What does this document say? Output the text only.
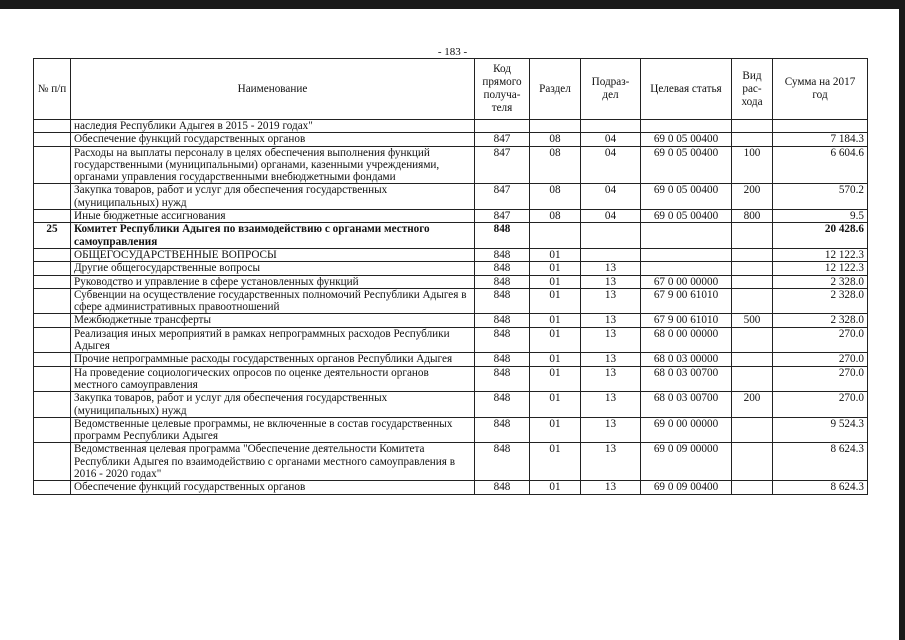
- 183 -
№ п/п	Наименование	Код прямого получа-теля	Раздел	Подраз-дел	Целевая статья	Вид рас-хода	Сумма на 2017 год
	наследия Республики Адыгея в 2015 - 2019 годах"						
	Обеспечение функций государственных органов	847	08	04	69 0 05 00400		7 184.3
	Расходы на выплаты персоналу в целях обеспечения выполнения функций государственными (муниципальными) органами, казенными учреждениями, органами управления государственными внебюджетными фондами	847	08	04	69 0 05 00400	100	6 604.6
	Закупка товаров, работ и услуг для обеспечения государственных (муниципальных) нужд	847	08	04	69 0 05 00400	200	570.2
	Иные бюджетные ассигнования	847	08	04	69 0 05 00400	800	9.5
25	Комитет Республики Адыгея по взаимодействию с органами местного самоуправления	848					20 428.6
	ОБЩЕГОСУДАРСТВЕННЫЕ ВОПРОСЫ	848	01				12 122.3
	Другие общегосударственные вопросы	848	01	13			12 122.3
	Руководство и управление в сфере установленных функций	848	01	13	67 0 00 00000		2 328.0
	Субвенции на осуществление государственных полномочий Республики Адыгея в сфере административных правоотношений	848	01	13	67 9 00 61010		2 328.0
	Межбюджетные трансферты	848	01	13	67 9 00 61010	500	2 328.0
	Реализация иных мероприятий в рамках непрограммных расходов Республики Адыгея	848	01	13	68 0 00 00000		270.0
	Прочие непрограммные расходы государственных органов Республики Адыгея	848	01	13	68 0 03 00000		270.0
	На проведение социологических опросов по оценке деятельности органов местного самоуправления	848	01	13	68 0 03 00700		270.0
	Закупка товаров, работ и услуг для обеспечения государственных (муниципальных) нужд	848	01	13	68 0 03 00700	200	270.0
	Ведомственные целевые программы, не включенные в состав государственных программ Республики Адыгея	848	01	13	69 0 00 00000		9 524.3
	Ведомственная целевая программа "Обеспечение деятельности Комитета Республики Адыгея по взаимодействию с органами местного самоуправления в 2016 - 2020 годах"	848	01	13	69 0 09 00000		8 624.3
	Обеспечение функций государственных органов	848	01	13	69 0 09 00400		8 624.3
